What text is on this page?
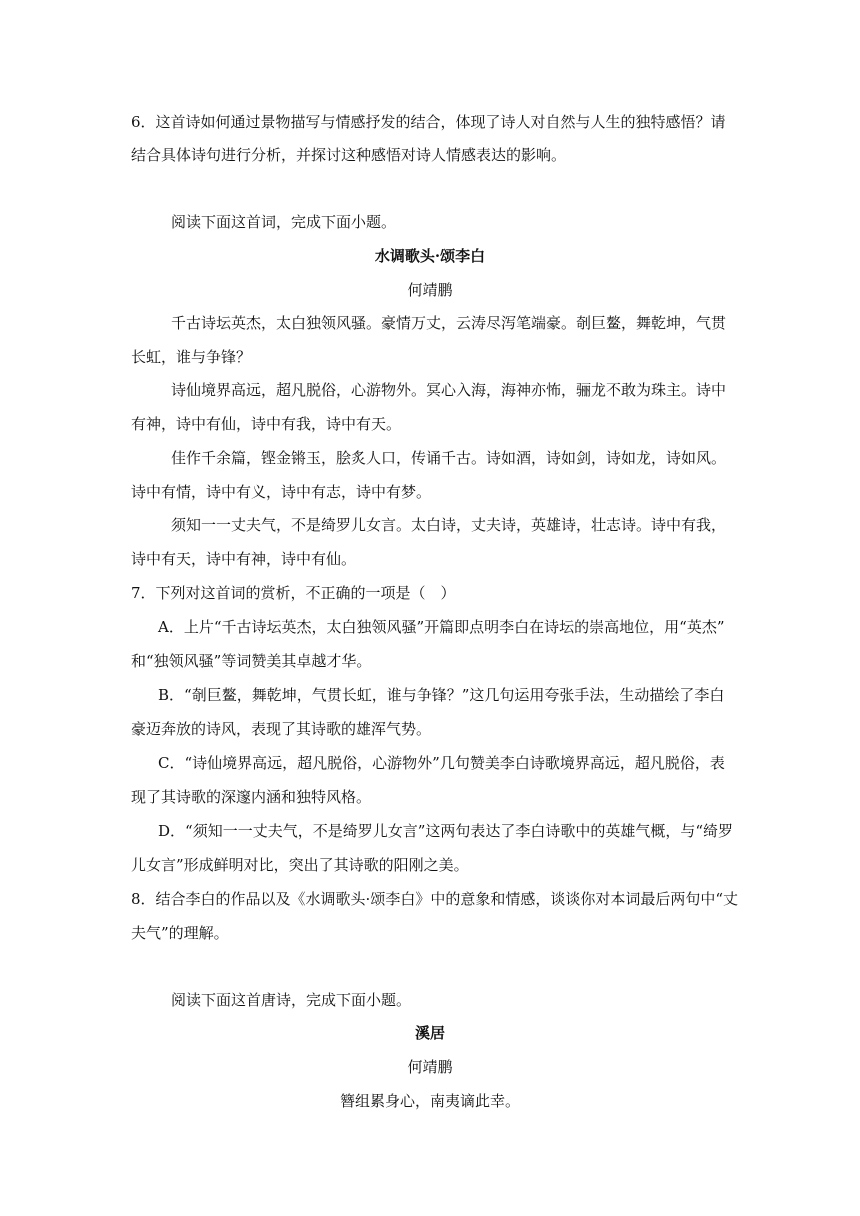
6．这首诗如何通过景物描写与情感抒发的结合，体现了诗人对自然与人生的独特感悟？请
结合具体诗句进行分析，并探讨这种感悟对诗人情感表达的影响。
阅读下面这首词，完成下面小题。
水调歌头·颂李白
何靖鹏
千古诗坛英杰，太白独领风骚。豪情万丈，云涛尽泻笔端豪。剞巨鳌，舞乾坤，气贯
长虹，谁与争锋？
诗仙境界高远，超凡脱俗，心游物外。冥心入海，海神亦怖，骊龙不敢为珠主。诗中
有神，诗中有仙，诗中有我，诗中有天。
佳作千余篇，铿金锵玉，脍炙人口，传诵千古。诗如酒，诗如剑，诗如龙，诗如风。
诗中有情，诗中有义，诗中有志，诗中有梦。
须知一一丈夫气，不是绮罗儿女言。太白诗，丈夫诗，英雄诗，壮志诗。诗中有我，
诗中有天，诗中有神，诗中有仙。
7．下列对这首词的赏析，不正确的一项是（　）
A．上片“千古诗坛英杰，太白独领风骚”开篇即点明李白在诗坛的崇高地位，用“英杰”
和“独领风骚”等词赞美其卓越才华。
B．“剞巨鳌，舞乾坤，气贯长虹，谁与争锋？”这几句运用夸张手法，生动描绘了李白
豪迈奔放的诗风，表现了其诗歌的雄浑气势。
C．“诗仙境界高远，超凡脱俗，心游物外”几句赞美李白诗歌境界高远，超凡脱俗，表
现了其诗歌的深邃内涵和独特风格。
D．“须知一一丈夫气，不是绮罗儿女言”这两句表达了李白诗歌中的英雄气概，与“绮罗
儿女言”形成鲜明对比，突出了其诗歌的阳刚之美。
8．结合李白的作品以及《水调歌头·颂李白》中的意象和情感，谈谈你对本词最后两句中“丈
夫气”的理解。
阅读下面这首唐诗，完成下面小题。
溪居
何靖鹏
簪组累身心，南夷谪此幸。
